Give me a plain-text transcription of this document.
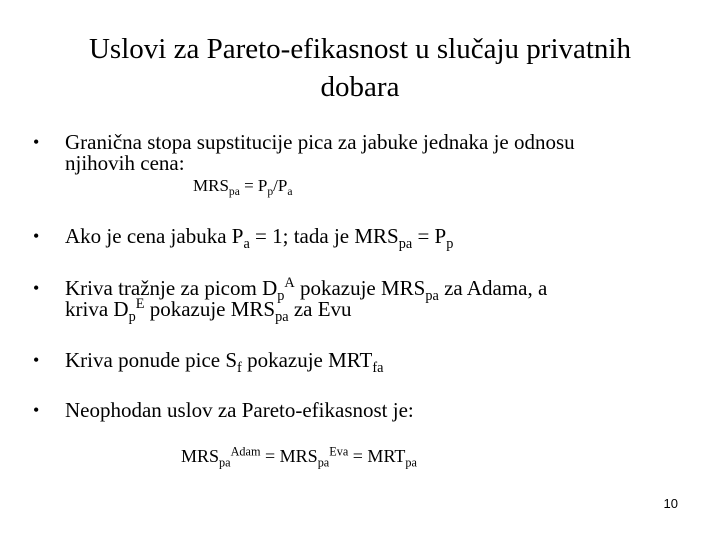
Uslovi za Pareto-efikasnost u slučaju privatnih
dobara
• Granična stopa supstitucije pica za jabuke jednaka je odnosu
njihovih cena:
$MRS_{pa} = P_p/P_a$
• Ako je cena jabuka $P_a = 1$; tada je $MRS_{pa} = P_p$
• Kriva tražnje za picom $D_p^A$ pokazuje $MRS_{pa}$ za Adama, a
kriva $D_p^E$ pokazuje $MRS_{pa}$ za Evu
• Kriva ponude pice $S_f$ pokazuje $MRT_{fa}$
• Neophodan uslov za Pareto-efikasnost je:
$MRS_{pa}^{Adam} = MRS_{pa}^{Eva} = MRT_{pa}$
10
